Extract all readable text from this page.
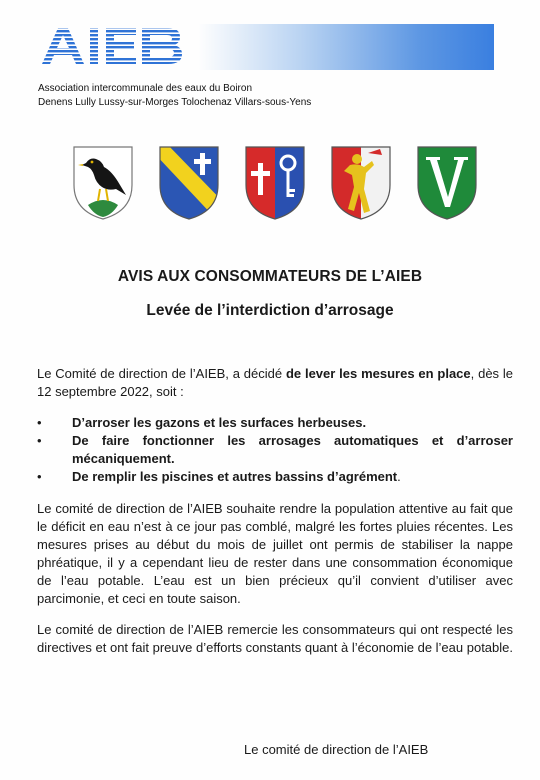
Association intercommunale des eaux du Boiron
Denens Lully Lussy-sur-Morges Tolochenaz Villars-sous-Yens
AVIS AUX CONSOMMATEURS DE L’AIEB
Levée de l’interdiction d’arrosage
Le Comité de direction de l’AIEB, a décidé de lever les mesures en place, dès le 12 septembre 2022, soit :
• D’arroser les gazons et les surfaces herbeuses.
• De faire fonctionner les arrosages automatiques et d’arroser mécaniquement.
• De remplir les piscines et autres bassins d’agrément.
Le comité de direction de l’AIEB souhaite rendre la population attentive au fait que le déficit en eau n’est à ce jour pas comblé, malgré les fortes pluies récentes. Les mesures prises au début du mois de juillet ont permis de stabiliser la nappe phréatique, il y a cependant lieu de rester dans une consommation économique de l’eau potable. L’eau est un bien précieux qu’il convient d’utiliser avec parcimonie, et ceci en toute saison.
Le comité de direction de l’AIEB remercie les consommateurs qui ont respecté les directives et ont fait preuve d’efforts constants quant à l’économie de l’eau potable.
Le comité de direction de l’AIEB
